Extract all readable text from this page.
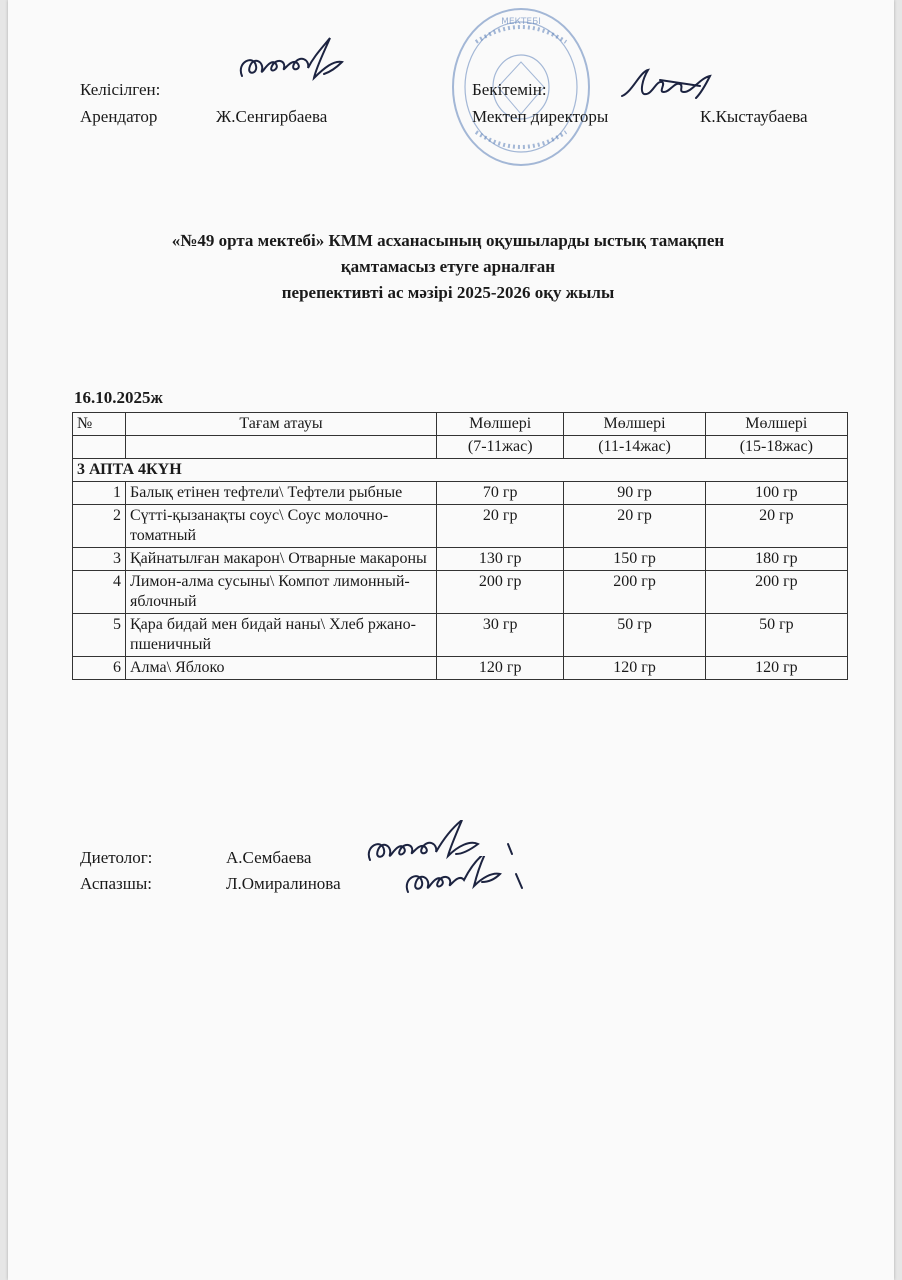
МЕКТЕБІ
Келісілген:
Арендатор	Ж.Сенгирбаева
Бекітемін:
Мектеп директоры	К.Кыстаубаева
«№49 орта мектебі» КММ асханасының оқушыларды ыстық тамақпен
қамтамасыз етуге арналған
перепективті ас мәзірі 2025-2026 оқу жылы
16.10.2025ж
№	Тағам атауы	Мөлшері	Мөлшері	Мөлшері
		(7-11жас)	(11-14жас)	(15-18жас)
3 АПТА 4КҮН				
1	Балық етінен тефтели\ Тефтели рыбные	70 гр	90 гр	100 гр
2	Сүтті-қызанақты соус\ Соус молочно-томатный	20 гр	20 гр	20 гр
3	Қайнатылған макарон\ Отварные макароны	130 гр	150 гр	180 гр
4	Лимон-алма сусыны\ Компот лимонный-яблочный	200 гр	200 гр	200 гр
5	Қара бидай мен бидай наны\ Хлеб ржано-пшеничный	30 гр	50 гр	50 гр
6	Алма\ Яблоко	120 гр	120 гр	120 гр
Диетолог:	А.Сембаева
Аспазшы:	Л.Омиралинова
